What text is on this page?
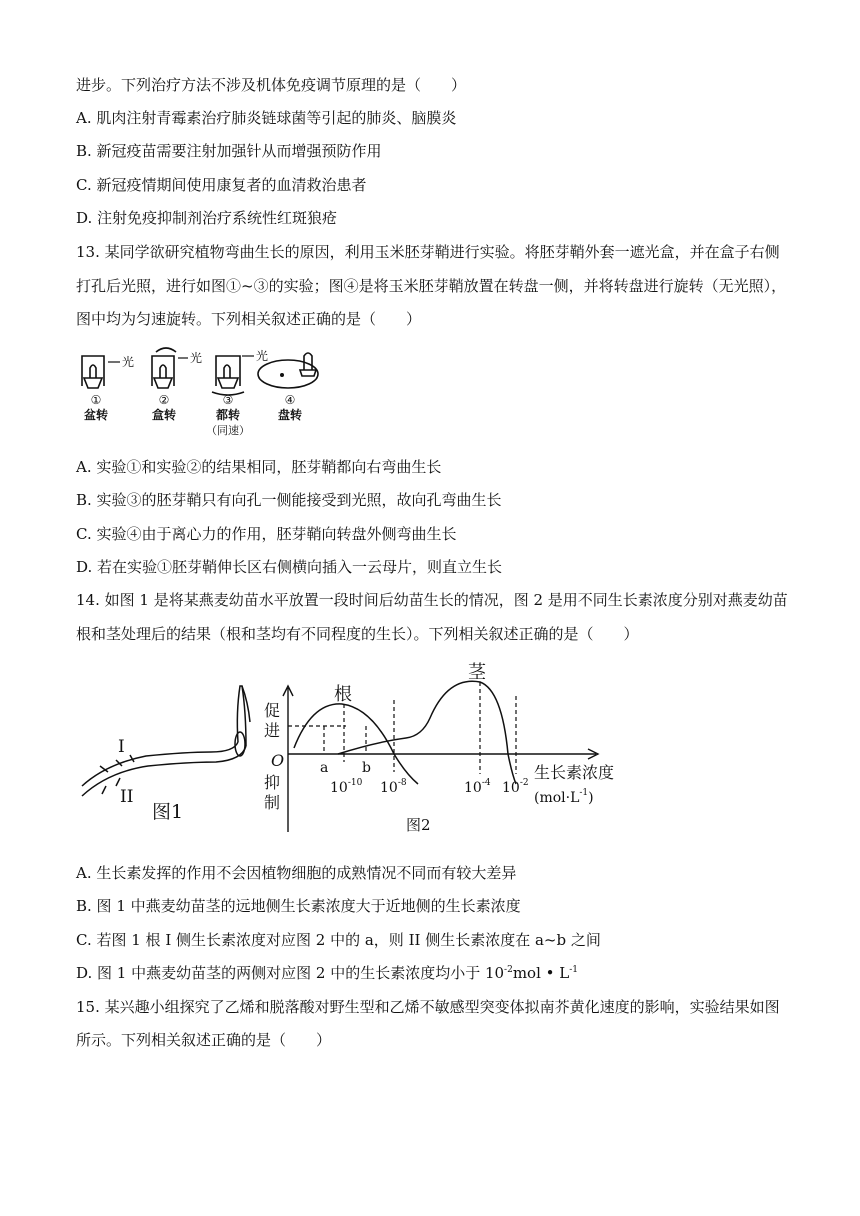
进步。下列治疗方法不涉及机体免疫调节原理的是（　　）
A. 肌肉注射青霉素治疗肺炎链球菌等引起的肺炎、脑膜炎
B. 新冠疫苗需要注射加强针从而增强预防作用
C. 新冠疫情期间使用康复者的血清救治患者
D. 注射免疫抑制剂治疗系统性红斑狼疮
13. 某同学欲研究植物弯曲生长的原因，利用玉米胚芽鞘进行实验。将胚芽鞘外套一遮光盒，并在盒子右侧
打孔后光照，进行如图①~③的实验；图④是将玉米胚芽鞘放置在转盘一侧，并将转盘进行旋转（无光照），
图中均为匀速旋转。下列相关叙述正确的是（　　）
光	光	光
①	②	③	④
盆转	盒转	都转	盘转
（同速）
A. 实验①和实验②的结果相同，胚芽鞘都向右弯曲生长
B. 实验③的胚芽鞘只有向孔一侧能接受到光照，故向孔弯曲生长
C. 实验④由于离心力的作用，胚芽鞘向转盘外侧弯曲生长
D. 若在实验①胚芽鞘伸长区右侧横向插入一云母片，则直立生长
14. 如图 1 是将某燕麦幼苗水平放置一段时间后幼苗生长的情况，图 2 是用不同生长素浓度分别对燕麦幼苗
根和茎处理后的结果（根和茎均有不同程度的生长）。下列相关叙述正确的是（　　）
I
II
图1
O
促
进
抑
制
根
茎
a b
$10^{-10}$ $10^{-8}$	$10^{-4}$ $10^{-2}$
生长素浓度
$(mol\cdot L^{-1})$
图2
A. 生长素发挥的作用不会因植物细胞的成熟情况不同而有较大差异
B. 图 1 中燕麦幼苗茎的远地侧生长素浓度大于近地侧的生长素浓度
C. 若图 1 根 I 侧生长素浓度对应图 2 中的 a，则 II 侧生长素浓度在 a~b 之间
D. 图 1 中燕麦幼苗茎的两侧对应图 2 中的生长素浓度均小于 $10^{-2}mol$ • $L^{-1}$
15. 某兴趣小组探究了乙烯和脱落酸对野生型和乙烯不敏感型突变体拟南芥黄化速度的影响，实验结果如图
所示。下列相关叙述正确的是（　　）
